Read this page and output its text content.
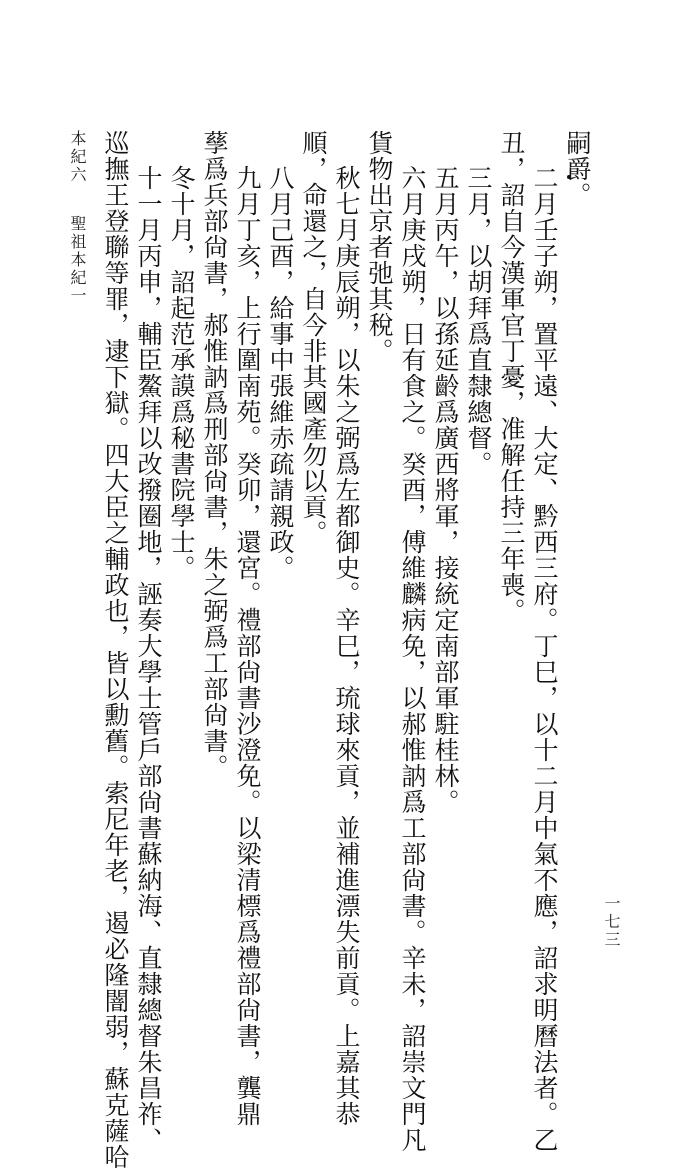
嗣爵。
二月壬子朔，置平遠、大定、黔西三府。丁巳，以十二月中氣不應，詔求明曆法者。乙
丑，詔自今漢軍官丁憂，准解任持三年喪。
三月，以胡拜爲直隸總督。
五月丙午，以孫延齡爲廣西將軍，接統定南部軍駐桂林。
六月庚戌朔，日有食之。癸酉，傅維麟病免，以郝惟訥爲工部尙書。辛未，詔崇文門凡
貨物出京者弛其稅。
秋七月庚辰朔，以朱之弼爲左都御史。辛巳，琉球來貢，並補進漂失前貢。上嘉其恭
順，命還之，自今非其國產勿以貢。
八月己酉，給事中張維赤疏請親政。
九月丁亥，上行圍南苑。癸卯，還宮。禮部尙書沙澄免。以梁清標爲禮部尙書，龔鼎
孶爲兵部尙書，郝惟訥爲刑部尙書，朱之弼爲工部尙書。
冬十月，詔起范承謨爲秘書院學士。
十一月丙申，輔臣鰲拜以改撥圈地，誣奏大學士管戶部尙書蘇納海、直隸總督朱昌祚、
巡撫王登聯等罪，逮下獄。四大臣之輔政也，皆以勳舊。索尼年老，遏必隆闇弱，蘇克薩哈
本紀六
聖祖本紀一
一七三
